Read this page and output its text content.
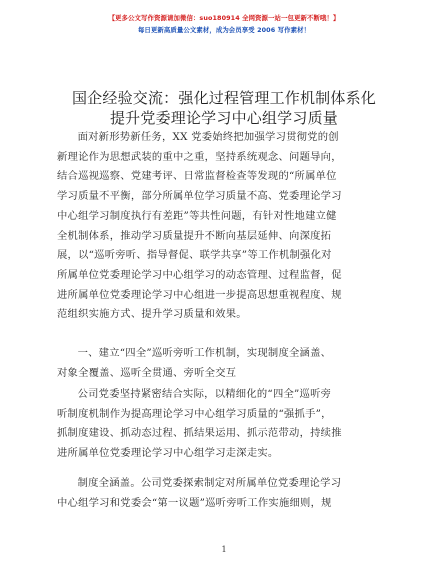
【更多公文写作资源请加微信：suo180914 全网资源一站一包更新不断哦！】
每日更新高质量公文素材，成为会员享受 2006 写作素材！
国企经验交流：强化过程管理工作机制体系化
提升党委理论学习中心组学习质量
面对新形势新任务，XX 党委始终把加强学习贯彻党的创
新理论作为思想武装的重中之重，坚持系统观念、问题导向，
结合巡视巡察、党建考评、日常监督检查等发现的“所属单位
学习质量不平衡，部分所属单位学习质量不高、党委理论学习
中心组学习制度执行有差距”等共性问题，有针对性地建立健
全机制体系，推动学习质量提升不断向基层延伸、向深度拓
展，以“巡听旁听、指导督促、联学共享”等工作机制强化对
所属单位党委理论学习中心组学习的动态管理、过程监督，促
进所属单位党委理论学习中心组进一步提高思想重视程度、规
范组织实施方式、提升学习质量和效果。
一、建立“四全”巡听旁听工作机制，实现制度全涵盖、
对象全覆盖、巡听全贯通、旁听全交互
公司党委坚持紧密结合实际，以精细化的“四全”巡听旁
听制度机制作为提高理论学习中心组学习质量的“强抓手”，
抓制度建设、抓动态过程、抓结果运用、抓示范带动，持续推
进所属单位党委理论学习中心组学习走深走实。
制度全涵盖。公司党委探索制定对所属单位党委理论学习
中心组学习和党委会“第一议题”巡听旁听工作实施细则，规
1
